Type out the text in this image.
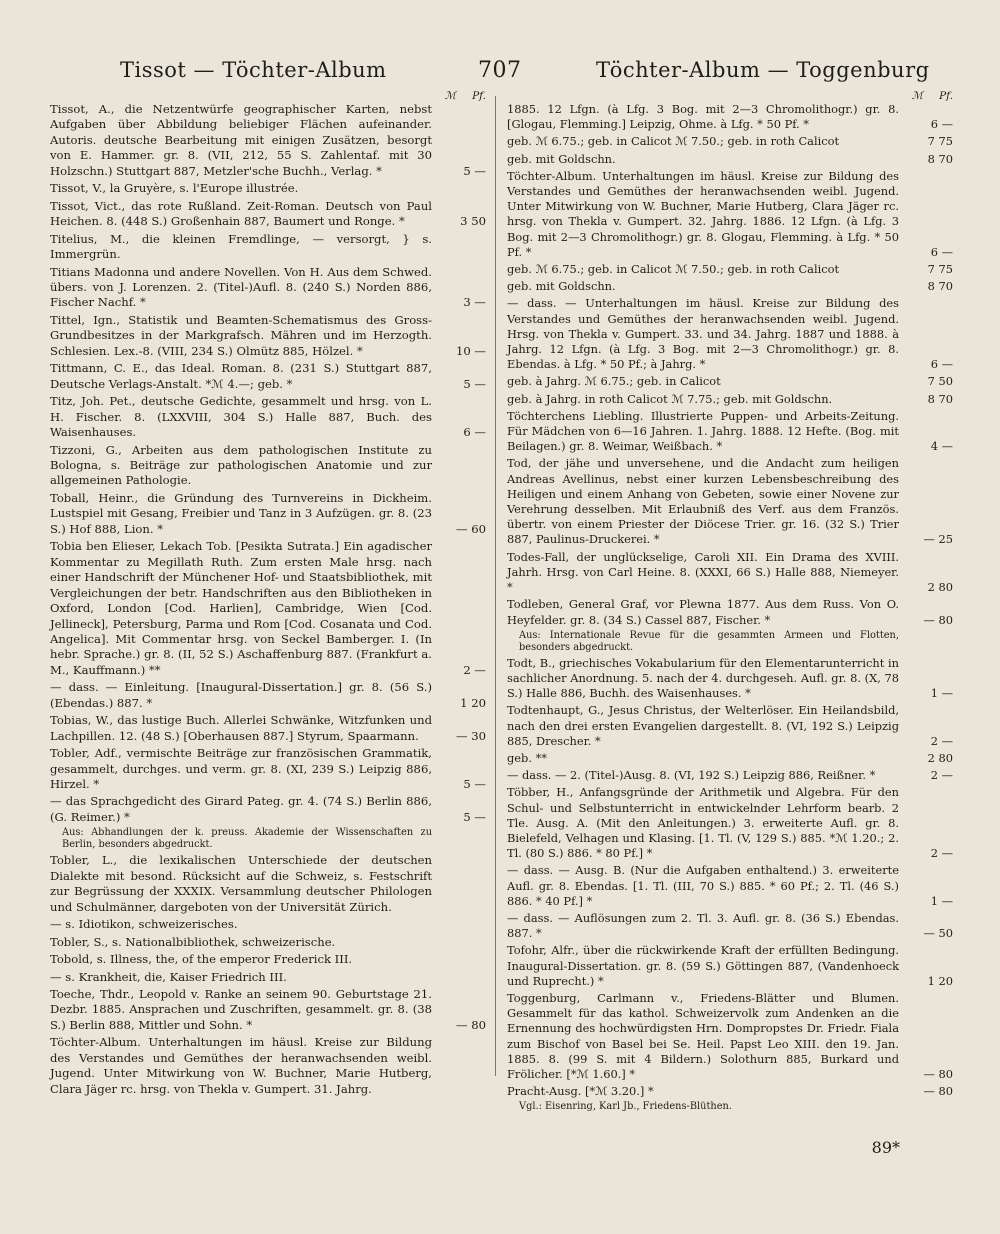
Tissot — Töchter-Album	707	Töchter-Album — Toggenburg
ℳ Pf.
Tissot, A., die Netzentwürfe geographischer Karten, nebst Aufgaben über Abbildung beliebiger Flächen aufeinander. Autoris. deutsche Bearbeitung mit einigen Zusätzen, besorgt von E. Hammer. gr. 8. (VII, 212, 55 S. Zahlentaf. mit 30 Holzschn.) Stuttgart 887, Metzler'sche Buchh., Verlag. *	5 —
Tissot, V., la Gruyère, s. l'Europe illustrée.
Tissot, Vict., das rote Rußland. Zeit-Roman. Deutsch von Paul Heichen. 8. (448 S.) Großenhain 887, Baumert und Ronge. *	3 50
Titelius, M., die kleinen Fremdlinge, — versorgt, } s. Immergrün.
Titians Madonna und andere Novellen. Von H. Aus dem Schwed. übers. von J. Lorenzen. 2. (Titel-)Aufl. 8. (240 S.) Norden 886, Fischer Nachf. *	3 —
Tittel, Ign., Statistik und Beamten-Schematismus des Gross-Grundbesitzes in der Markgrafsch. Mähren und im Herzogth. Schlesien. Lex.-8. (VIII, 234 S.) Olmütz 885, Hölzel. *	10 —
Tittmann, C. E., das Ideal. Roman. 8. (231 S.) Stuttgart 887, Deutsche Verlags-Anstalt. *ℳ 4.—; geb. *	5 —
Titz, Joh. Pet., deutsche Gedichte, gesammelt und hrsg. von L. H. Fischer. 8. (LXXVIII, 304 S.) Halle 887, Buch. des Waisenhauses.	6 —
Tizzoni, G., Arbeiten aus dem pathologischen Institute zu Bologna, s. Beiträge zur pathologischen Anatomie und zur allgemeinen Pathologie.
Toball, Heinr., die Gründung des Turnvereins in Dickheim. Lustspiel mit Gesang, Freibier und Tanz in 3 Aufzügen. gr. 8. (23 S.) Hof 888, Lion. *	— 60
Tobia ben Elieser, Lekach Tob. [Pesikta Sutrata.] Ein agadischer Kommentar zu Megillath Ruth. Zum ersten Male hrsg. nach einer Handschrift der Münchener Hof- und Staatsbibliothek, mit Vergleichungen der betr. Handschriften aus den Bibliotheken in Oxford, London [Cod. Harlien], Cambridge, Wien [Cod. Jellineck], Petersburg, Parma und Rom [Cod. Cosanata und Cod. Angelica]. Mit Commentar hrsg. von Seckel Bamberger. I. (In hebr. Sprache.) gr. 8. (II, 52 S.) Aschaffenburg 887. (Frankfurt a. M., Kauffmann.) **	2 —
— dass. — Einleitung. [Inaugural-Dissertation.] gr. 8. (56 S.) (Ebendas.) 887. *	1 20
Tobias, W., das lustige Buch. Allerlei Schwänke, Witzfunken und Lachpillen. 12. (48 S.) [Oberhausen 887.] Styrum, Spaarmann.	— 30
Tobler, Adf., vermischte Beiträge zur französischen Grammatik, gesammelt, durchges. und verm. gr. 8. (XI, 239 S.) Leipzig 886, Hirzel. *	5 —
— das Sprachgedicht des Girard Pateg. gr. 4. (74 S.) Berlin 886, (G. Reimer.) *	5 —
Aus: Abhandlungen der k. preuss. Akademie der Wissenschaften zu Berlin, besonders abgedruckt.
Tobler, L., die lexikalischen Unterschiede der deutschen Dialekte mit besond. Rücksicht auf die Schweiz, s. Festschrift zur Begrüssung der XXXIX. Versammlung deutscher Philologen und Schulmänner, dargeboten von der Universität Zürich.
— s. Idiotikon, schweizerisches.
Tobler, S., s. Nationalbibliothek, schweizerische.
Tobold, s. Illness, the, of the emperor Frederick III.
— s. Krankheit, die, Kaiser Friedrich III.
Toeche, Thdr., Leopold v. Ranke an seinem 90. Geburtstage 21. Dezbr. 1885. Ansprachen und Zuschriften, gesammelt. gr. 8. (38 S.) Berlin 888, Mittler und Sohn. *	— 80
Töchter-Album. Unterhaltungen im häusl. Kreise zur Bildung des Verstandes und Gemüthes der heranwachsenden weibl. Jugend. Unter Mitwirkung von W. Buchner, Marie Hutberg, Clara Jäger rc. hrsg. von Thekla v. Gumpert. 31. Jahrg.
ℳ Pf.
1885. 12 Lfgn. (à Lfg. 3 Bog. mit 2—3 Chromolithogr.) gr. 8. [Glogau, Flemming.] Leipzig, Ohme. à Lfg. * 50 Pf. *	6 —
geb. ℳ 6.75.; geb. in Calicot ℳ 7.50.; geb. in roth Calicot	7 75
geb. mit Goldschn.	8 70
Töchter-Album. Unterhaltungen im häusl. Kreise zur Bildung des Verstandes und Gemüthes der heranwachsenden weibl. Jugend. Unter Mitwirkung von W. Buchner, Marie Hutberg, Clara Jäger rc. hrsg. von Thekla v. Gumpert. 32. Jahrg. 1886. 12 Lfgn. (à Lfg. 3 Bog. mit 2—3 Chromolithogr.) gr. 8. Glogau, Flemming. à Lfg. * 50 Pf. *	6 —
geb. ℳ 6.75.; geb. in Calicot ℳ 7.50.; geb. in roth Calicot	7 75
geb. mit Goldschn.	8 70
— dass. — Unterhaltungen im häusl. Kreise zur Bildung des Verstandes und Gemüthes der heranwachsenden weibl. Jugend. Hrsg. von Thekla v. Gumpert. 33. und 34. Jahrg. 1887 und 1888. à Jahrg. 12 Lfgn. (à Lfg. 3 Bog. mit 2—3 Chromolithogr.) gr. 8. Ebendas. à Lfg. * 50 Pf.; à Jahrg. *	6 —
geb. à Jahrg. ℳ 6.75.; geb. in Calicot	7 50
geb. à Jahrg. in roth Calicot ℳ 7.75.; geb. mit Goldschn.	8 70
Töchterchens Liebling. Illustrierte Puppen- und Arbeits-Zeitung. Für Mädchen von 6—16 Jahren. 1. Jahrg. 1888. 12 Hefte. (Bog. mit Beilagen.) gr. 8. Weimar, Weißbach. *	4 —
Tod, der jähe und unversehene, und die Andacht zum heiligen Andreas Avellinus, nebst einer kurzen Lebensbeschreibung des Heiligen und einem Anhang von Gebeten, sowie einer Novene zur Verehrung desselben. Mit Erlaubniß des Verf. aus dem Französ. übertr. von einem Priester der Diöcese Trier. gr. 16. (32 S.) Trier 887, Paulinus-Druckerei. *	— 25
Todes-Fall, der unglückselige, Caroli XII. Ein Drama des XVIII. Jahrh. Hrsg. von Carl Heine. 8. (XXXI, 66 S.) Halle 888, Niemeyer. *	2 80
Todleben, General Graf, vor Plewna 1877. Aus dem Russ. Von O. Heyfelder. gr. 8. (34 S.) Cassel 887, Fischer. *	— 80
Aus: Internationale Revue für die gesammten Armeen und Flotten, besonders abgedruckt.
Todt, B., griechisches Vokabularium für den Elementarunterricht in sachlicher Anordnung. 5. nach der 4. durchgeseh. Aufl. gr. 8. (X, 78 S.) Halle 886, Buchh. des Waisenhauses. *	1 —
Todtenhaupt, G., Jesus Christus, der Welterlöser. Ein Heilandsbild, nach den drei ersten Evangelien dargestellt. 8. (VI, 192 S.) Leipzig 885, Drescher. *	2 —
geb. **	2 80
— dass. — 2. (Titel-)Ausg. 8. (VI, 192 S.) Leipzig 886, Reißner. *	2 —
Többer, H., Anfangsgründe der Arithmetik und Algebra. Für den Schul- und Selbstunterricht in entwickelnder Lehrform bearb. 2 Tle. Ausg. A. (Mit den Anleitungen.) 3. erweiterte Aufl. gr. 8. Bielefeld, Velhagen und Klasing. [1. Tl. (V, 129 S.) 885. *ℳ 1.20.; 2. Tl. (80 S.) 886. * 80 Pf.] *	2 —
— dass. — Ausg. B. (Nur die Aufgaben enthaltend.) 3. erweiterte Aufl. gr. 8. Ebendas. [1. Tl. (III, 70 S.) 885. * 60 Pf.; 2. Tl. (46 S.) 886. * 40 Pf.] *	1 —
— dass. — Auflösungen zum 2. Tl. 3. Aufl. gr. 8. (36 S.) Ebendas. 887. *	— 50
Tofohr, Alfr., über die rückwirkende Kraft der erfüllten Bedingung. Inaugural-Dissertation. gr. 8. (59 S.) Göttingen 887, (Vandenhoeck und Ruprecht.) *	1 20
Toggenburg, Carlmann v., Friedens-Blätter und Blumen. Gesammelt für das kathol. Schweizervolk zum Andenken an die Ernennung des hochwürdigsten Hrn. Dompropstes Dr. Friedr. Fiala zum Bischof von Basel bei Se. Heil. Papst Leo XIII. den 19. Jan. 1885. 8. (99 S. mit 4 Bildern.) Solothurn 885, Burkard und Frölicher. [*ℳ 1.60.] *	— 80
Pracht-Ausg. [*ℳ 3.20.] *	— 80
Vgl.: Eisenring, Karl Jb., Friedens-Blüthen.
89*
